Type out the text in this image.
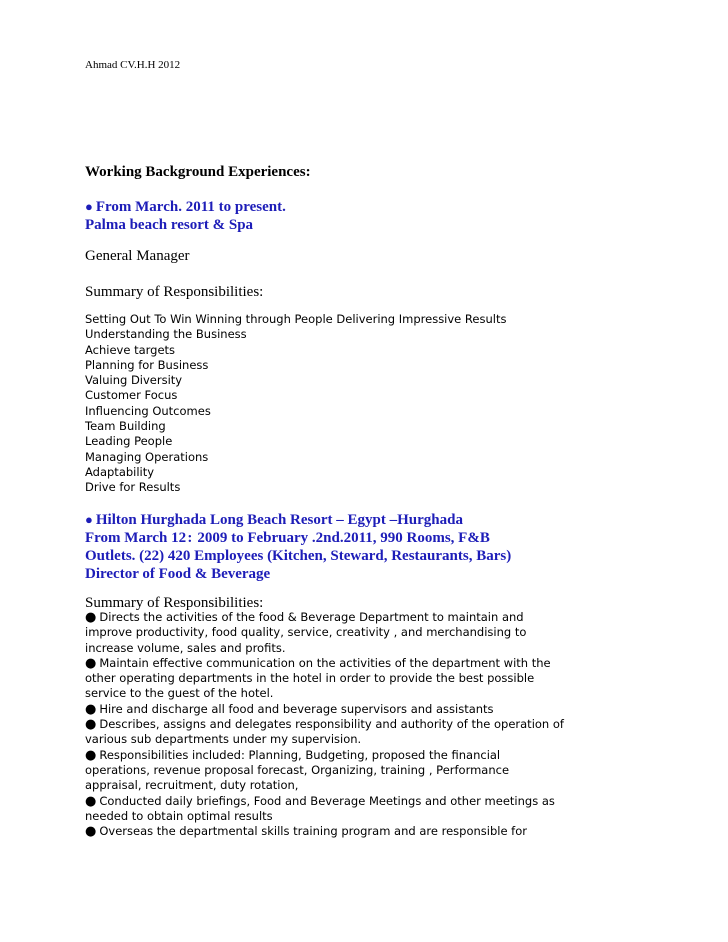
Ahmad CV.H.H 2012
Working Background Experiences:
● From March. 2011 to present.
Palma beach resort & Spa
General Manager
Summary of Responsibilities:
Setting Out To Win Winning through People Delivering Impressive Results
Understanding the Business
Achieve targets
Planning for Business
Valuing Diversity
Customer Focus
Influencing Outcomes
Team Building
Leading People
Managing Operations
Adaptability
Drive for Results
● Hilton Hurghada Long Beach Resort – Egypt –Hurghada
From March 12 :  2009 to February .2nd.2011, 990 Rooms, F&B
Outlets. (22) 420 Employees (Kitchen, Steward, Restaurants, Bars)
Director of Food & Beverage
Summary of Responsibilities:
● Directs the activities of the food & Beverage Department to maintain and
improve productivity, food quality, service, creativity , and merchandising to
increase volume, sales and profits.
● Maintain effective communication on the activities of the department with the
other operating departments in the hotel in order to provide the best possible
service to the guest of the hotel.
● Hire and discharge all food and beverage supervisors and assistants
● Describes, assigns and delegates responsibility and authority of the operation of
various sub departments under my supervision.
● Responsibilities included: Planning, Budgeting, proposed the financial
operations, revenue proposal forecast, Organizing, training , Performance
appraisal, recruitment, duty rotation,
● Conducted daily briefings, Food and Beverage Meetings and other meetings as
needed to obtain optimal results
● Overseas the departmental skills training program and are responsible for
